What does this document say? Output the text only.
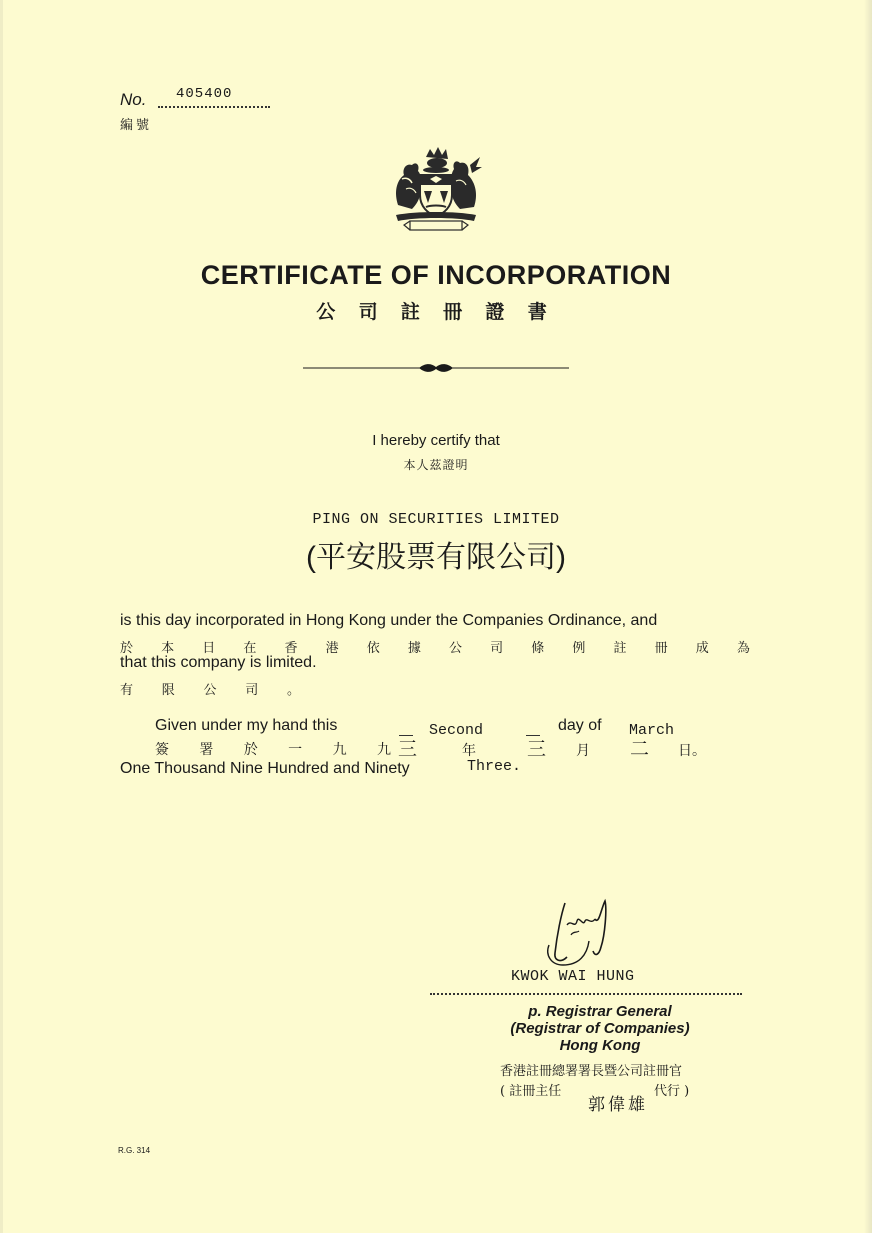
No. 405400
編號
CERTIFICATE OF INCORPORATION
公 司 註 冊 證 書
I hereby certify that
本人茲證明
PING ON SECURITIES LIMITED
(平安股票有限公司)
is this day incorporated in Hong Kong under the Companies Ordinance, and
於 本 日 在 香 港 依 據 公 司 條 例 註 冊 成 為
that this company is limited.
有 限 公 司 。
Given under my hand this	Second	day of March
簽 署 於 一 九 九 三	年	三 月 二 日。
One Thousand Nine Hundred and Ninety	Three.
KWOK WAI HUNG
p. Registrar General
(Registrar of Companies)
Hong Kong
香港註冊總署署長暨公司註冊官
( 註冊主任
郭偉雄
代行 )
R.G. 314
